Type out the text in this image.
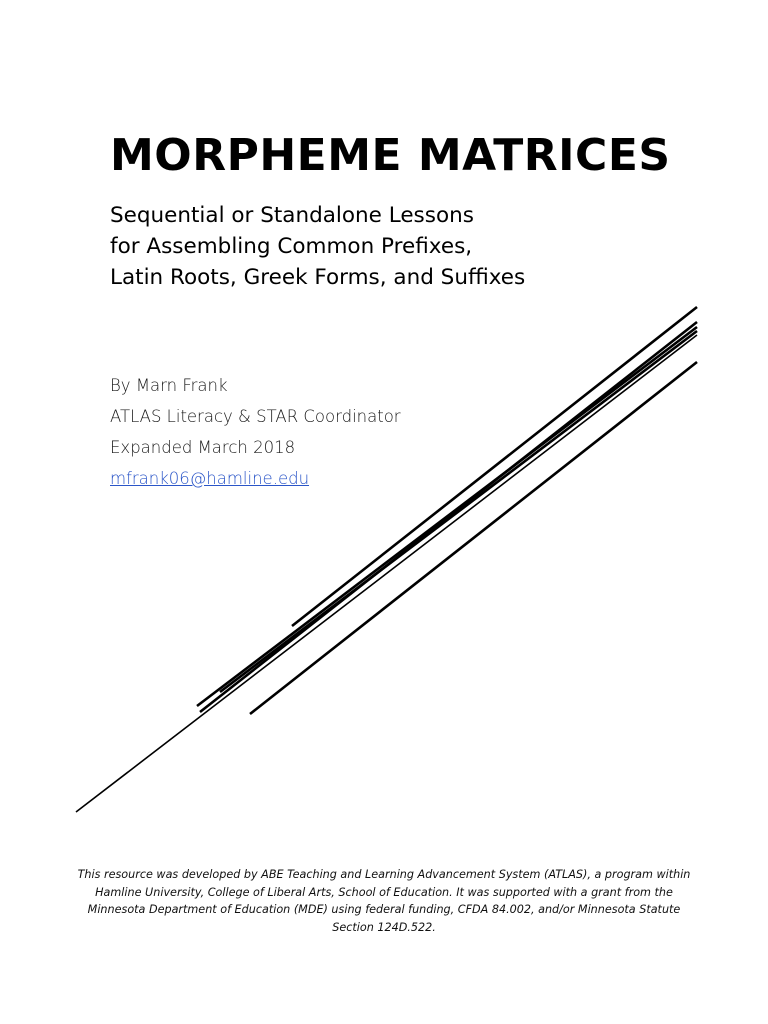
MORPHEME MATRICES
Sequential or Standalone Lessons
for Assembling Common Prefixes,
Latin Roots, Greek Forms, and Suffixes
By Marn Frank
ATLAS Literacy & STAR Coordinator
Expanded March 2018
mfrank06@hamline.edu
This resource was developed by ABE Teaching and Learning Advancement System (ATLAS), a program within Hamline University, College of Liberal Arts, School of Education. It was supported with a grant from the Minnesota Department of Education (MDE) using federal funding, CFDA 84.002, and/or Minnesota Statute Section 124D.522.
